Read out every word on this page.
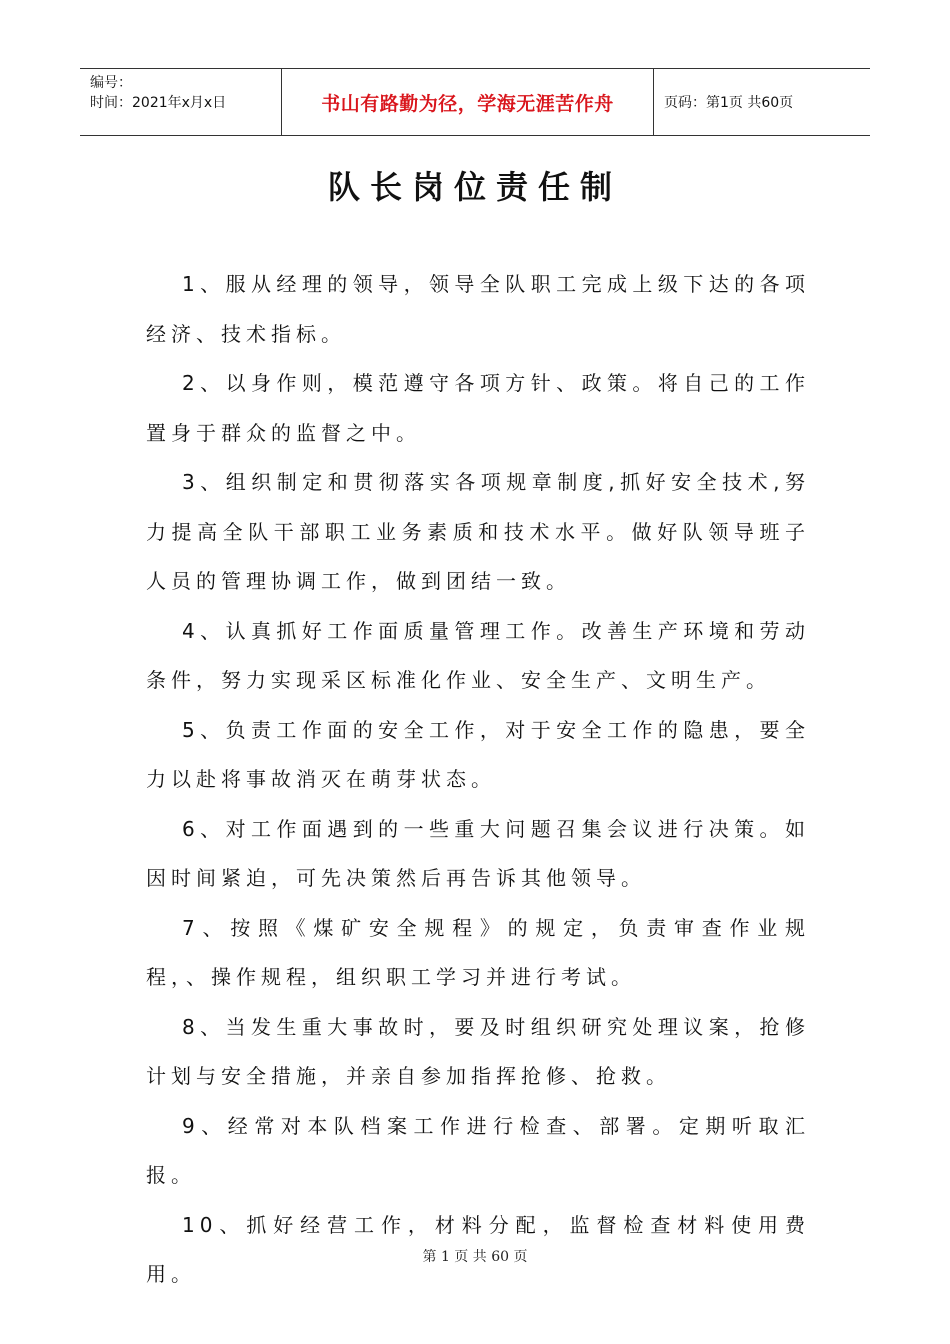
编号：
时间：2021年x月x日	书山有路勤为径，学海无涯苦作舟	页码：第1页 共60页
队长岗位责任制

1、服从经理的领导，领导全队职工完成上级下达的各项经济、技术指标。

2、以身作则，模范遵守各项方针、政策。将自己的工作置身于群众的监督之中。

3、组织制定和贯彻落实各项规章制度,抓好安全技术,努力提高全队干部职工业务素质和技术水平。做好队领导班子人员的管理协调工作，做到团结一致。

4、认真抓好工作面质量管理工作。改善生产环境和劳动条件，努力实现采区标准化作业、安全生产、文明生产。

5、负责工作面的安全工作，对于安全工作的隐患，要全力以赴将事故消灭在萌芽状态。

6、对工作面遇到的一些重大问题召集会议进行决策。如因时间紧迫，可先决策然后再告诉其他领导。

7、按照《煤矿安全规程》的规定，负责审查作业规程，、操作规程，组织职工学习并进行考试。

8、当发生重大事故时，要及时组织研究处理议案，抢修计划与安全措施，并亲自参加指挥抢修、抢救。

9、经常对本队档案工作进行检查、部署。定期听取汇报。

10、抓好经营工作，材料分配，监督检查材料使用费用。

第 1 页 共 60 页
